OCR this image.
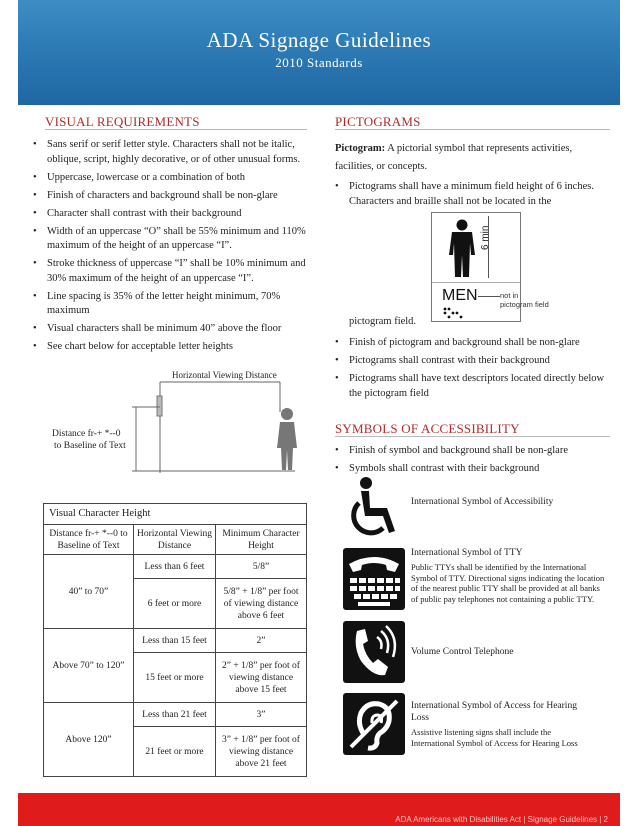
ADA Signage Guidelines
2010 Standards
VISUAL REQUIREMENTS
• Sans serif or serif letter style. Characters shall not be italic, oblique, script, highly decorative, or of other unusual forms.
• Uppercase, lowercase or a combination of both
• Finish of characters and background shall be non-glare
• Character shall contrast with their background
• Width of an uppercase “O” shall be 55% minimum and 110% maximum of the height of an uppercase “I”.
• Stroke thickness of uppercase “I” shall be 10% minimum and 30% maximum of the height of an uppercase “I”.
• Line spacing is 35% of the letter height minimum, 70% maximum
• Visual characters shall be minimum 40” above the floor
• See chart below for acceptable letter heights
Horizontal Viewing Distance
Distance fr-+ *--0
to Baseline of Text
Visual Character Height		
Distance fr-+ *--0 to Baseline of Text	Horizontal Viewing Distance	Minimum Character Height
40” to 70”	Less than 6 feet	5/8”
	6 feet or more	5/8” + 1/8” per foot of viewing distance above 6 feet
Above 70” to 120”	Less than 15 feet	2”
	15 feet or more	2” + 1/8” per foot of viewing distance above 15 feet
Above 120”	Less than 21 feet	3”
	21 feet or more	3” + 1/8” per foot of viewing distance above 21 feet
PICTOGRAMS
Pictogram: A pictorial symbol that represents activities, facilities, or concepts.
• Pictograms shall have a minimum field height of 6 inches. Characters and braille shall not be located in the
MEN
6 min
not in pictogram field
pictogram field.
• Finish of pictogram and background shall be non-glare
• Pictograms shall contrast with their background
• Pictograms shall have text descriptors located directly below the pictogram field
SYMBOLS OF ACCESSIBILITY
• Finish of symbol and background shall be non-glare
• Symbols shall contrast with their background
International Symbol of Accessibility
International Symbol of TTY
Public TTYs shall be identified by the International Symbol of TTY. Directional signs indicating the location of the nearest public TTY shall be provided at all banks of public pay telephones not containing a public TTY.
Volume Control Telephone
International Symbol of Access for Hearing Loss
Assistive listening signs shall include the International Symbol of Access for Hearing Loss
ADA Americans with Disabilities Act | Signage Guidelines | 2
